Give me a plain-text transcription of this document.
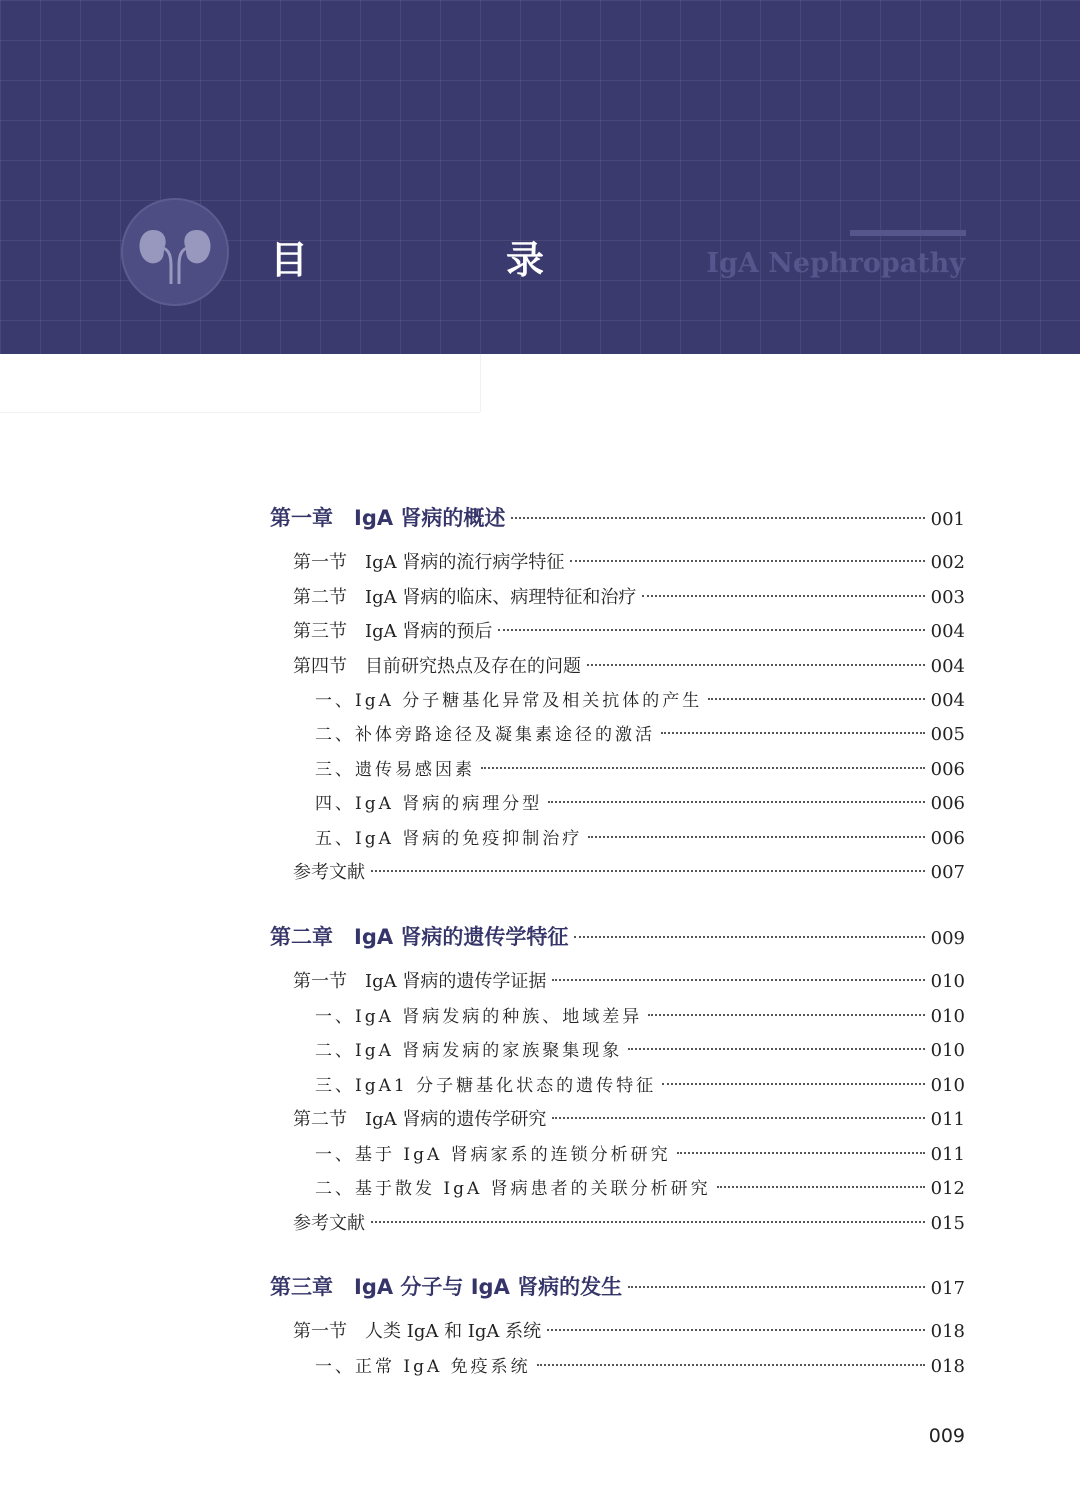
目　录	IgA Nephropathy
第一章　IgA 肾病的概述	001
第一节　IgA 肾病的流行病学特征	002
第二节　IgA 肾病的临床、病理特征和治疗	003
第三节　IgA 肾病的预后	004
第四节　目前研究热点及存在的问题	004
一、IgA 分子糖基化异常及相关抗体的产生	004
二、补体旁路途径及凝集素途径的激活	005
三、遗传易感因素	006
四、IgA 肾病的病理分型	006
五、IgA 肾病的免疫抑制治疗	006
参考文献	007
第二章　IgA 肾病的遗传学特征	009
第一节　IgA 肾病的遗传学证据	010
一、IgA 肾病发病的种族、地域差异	010
二、IgA 肾病发病的家族聚集现象	010
三、IgA1 分子糖基化状态的遗传特征	010
第二节　IgA 肾病的遗传学研究	011
一、基于 IgA 肾病家系的连锁分析研究	011
二、基于散发 IgA 肾病患者的关联分析研究	012
参考文献	015
第三章　IgA 分子与 IgA 肾病的发生	017
第一节　人类 IgA 和 IgA 系统	018
一、正常 IgA 免疫系统	018
009
